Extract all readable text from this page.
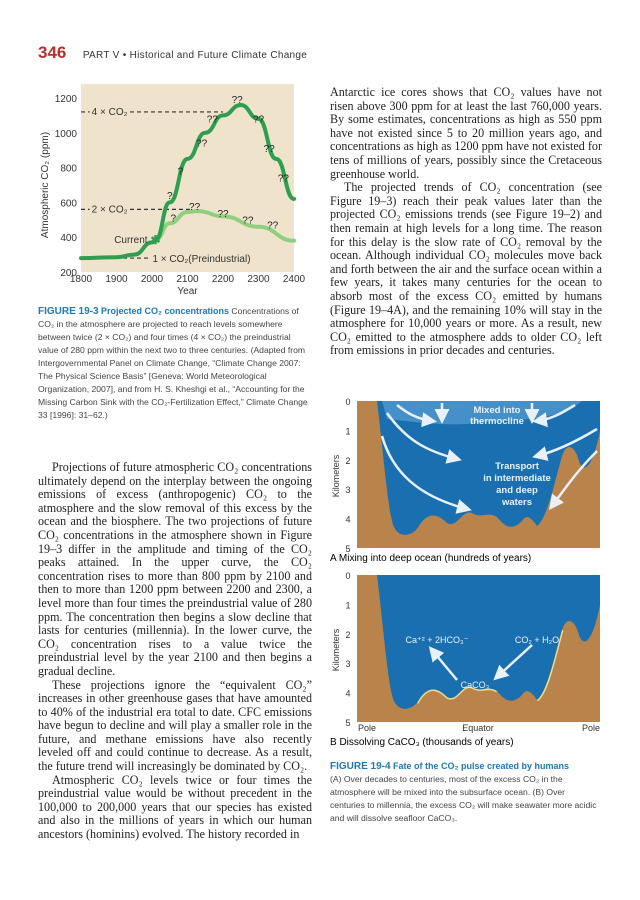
346 PART V • Historical and Future Climate Change
200
400
600
800
1000
1200
1800 1900 2000 2100 2200 2300 2400
Year
Atmospheric CO₂ (ppm)
4 × CO₂
2 × CO₂
1 × CO₂(Preindustrial)
?
?
?
??
??
??
??
??
??
??
??
?? ??
✱
Current
FIGURE 19-3 Projected CO₂ concentrations Concentrations of CO₂ in the atmosphere are projected to reach levels somewhere between twice (2 × CO₂) and four times (4 × CO₂) the preindustrial value of 280 ppm within the next two to three centuries. (Adapted from Intergovernmental Panel on Climate Change, “Climate Change 2007: The Physical Science Basis” [Geneva: World Meteorological Organization, 2007], and from H. S. Kheshgi et al., “Accounting for the Missing Carbon Sink with the CO₂-Fertilization Effect,” Climate Change 33 [1996]: 31–62.)

Projections of future atmospheric CO₂ concentrations ultimately depend on the interplay between the ongoing emissions of excess (anthropogenic) CO₂ to the atmosphere and the slow removal of this excess by the ocean and the biosphere. The two projections of future CO₂ concentrations in the atmosphere shown in Figure 19–3 differ in the amplitude and timing of the CO₂ peaks attained. In the upper curve, the CO₂ concentration rises to more than 800 ppm by 2100 and then to more than 1200 ppm between 2200 and 2300, a level more than four times the preindustrial value of 280 ppm. The concentration then begins a slow decline that lasts for centuries (millennia). In the lower curve, the CO₂ concentration rises to a value twice the preindustrial level by the year 2100 and then begins a gradual decline.

These projections ignore the “equivalent CO₂” increases in other greenhouse gases that have amounted to 40% of the industrial era total to date. CFC emissions have begun to decline and will play a smaller role in the future, and methane emissions have also recently leveled off and could continue to decrease. As a result, the future trend will increasingly be dominated by CO₂.

Atmospheric CO₂ levels twice or four times the preindustrial value would be without precedent in the 100,000 to 200,000 years that our species has existed and also in the millions of years in which our human ancestors (hominins) evolved. The history recorded in

Antarctic ice cores shows that CO₂ values have not risen above 300 ppm for at least the last 760,000 years. By some estimates, concentrations as high as 550 ppm have not existed since 5 to 20 million years ago, and concentrations as high as 1200 ppm have not existed for tens of millions of years, possibly since the Cretaceous greenhouse world.

The projected trends of CO₂ concentration (see Figure 19–3) reach their peak values later than the projected CO₂ emissions trends (see Figure 19–2) and then remain at high levels for a long time. The reason for this delay is the slow rate of CO₂ removal by the ocean. Although individual CO₂ molecules move back and forth between the air and the surface ocean within a few years, it takes many centuries for the ocean to absorb most of the excess CO₂ emitted by humans (Figure 19–4A), and the remaining 10% will stay in the atmosphere for 10,000 years or more. As a result, new CO₂ emitted to the atmosphere adds to older CO₂ left from emissions in prior decades and centuries.

Mixed into
thermocline
Transport
in intermediate
and deep
waters
A Mixing into deep ocean (hundreds of years)
Ca⁺² + 2HCO₃⁻	CO₂ + H₂O
CaCO₃
Pole	Equator	Pole
B Dissolving CaCO₃ (thousands of years)
0
1
2
3
4
5
Kilometers
0
1
2
3
4
5
Kilometers
FIGURE 19-4 Fate of the CO₂ pulse created by humans
(A) Over decades to centuries, most of the excess CO₂ in the atmosphere will be mixed into the subsurface ocean. (B) Over centuries to millennia, the excess CO₂ will make seawater more acidic and will dissolve seafloor CaCO₃.
